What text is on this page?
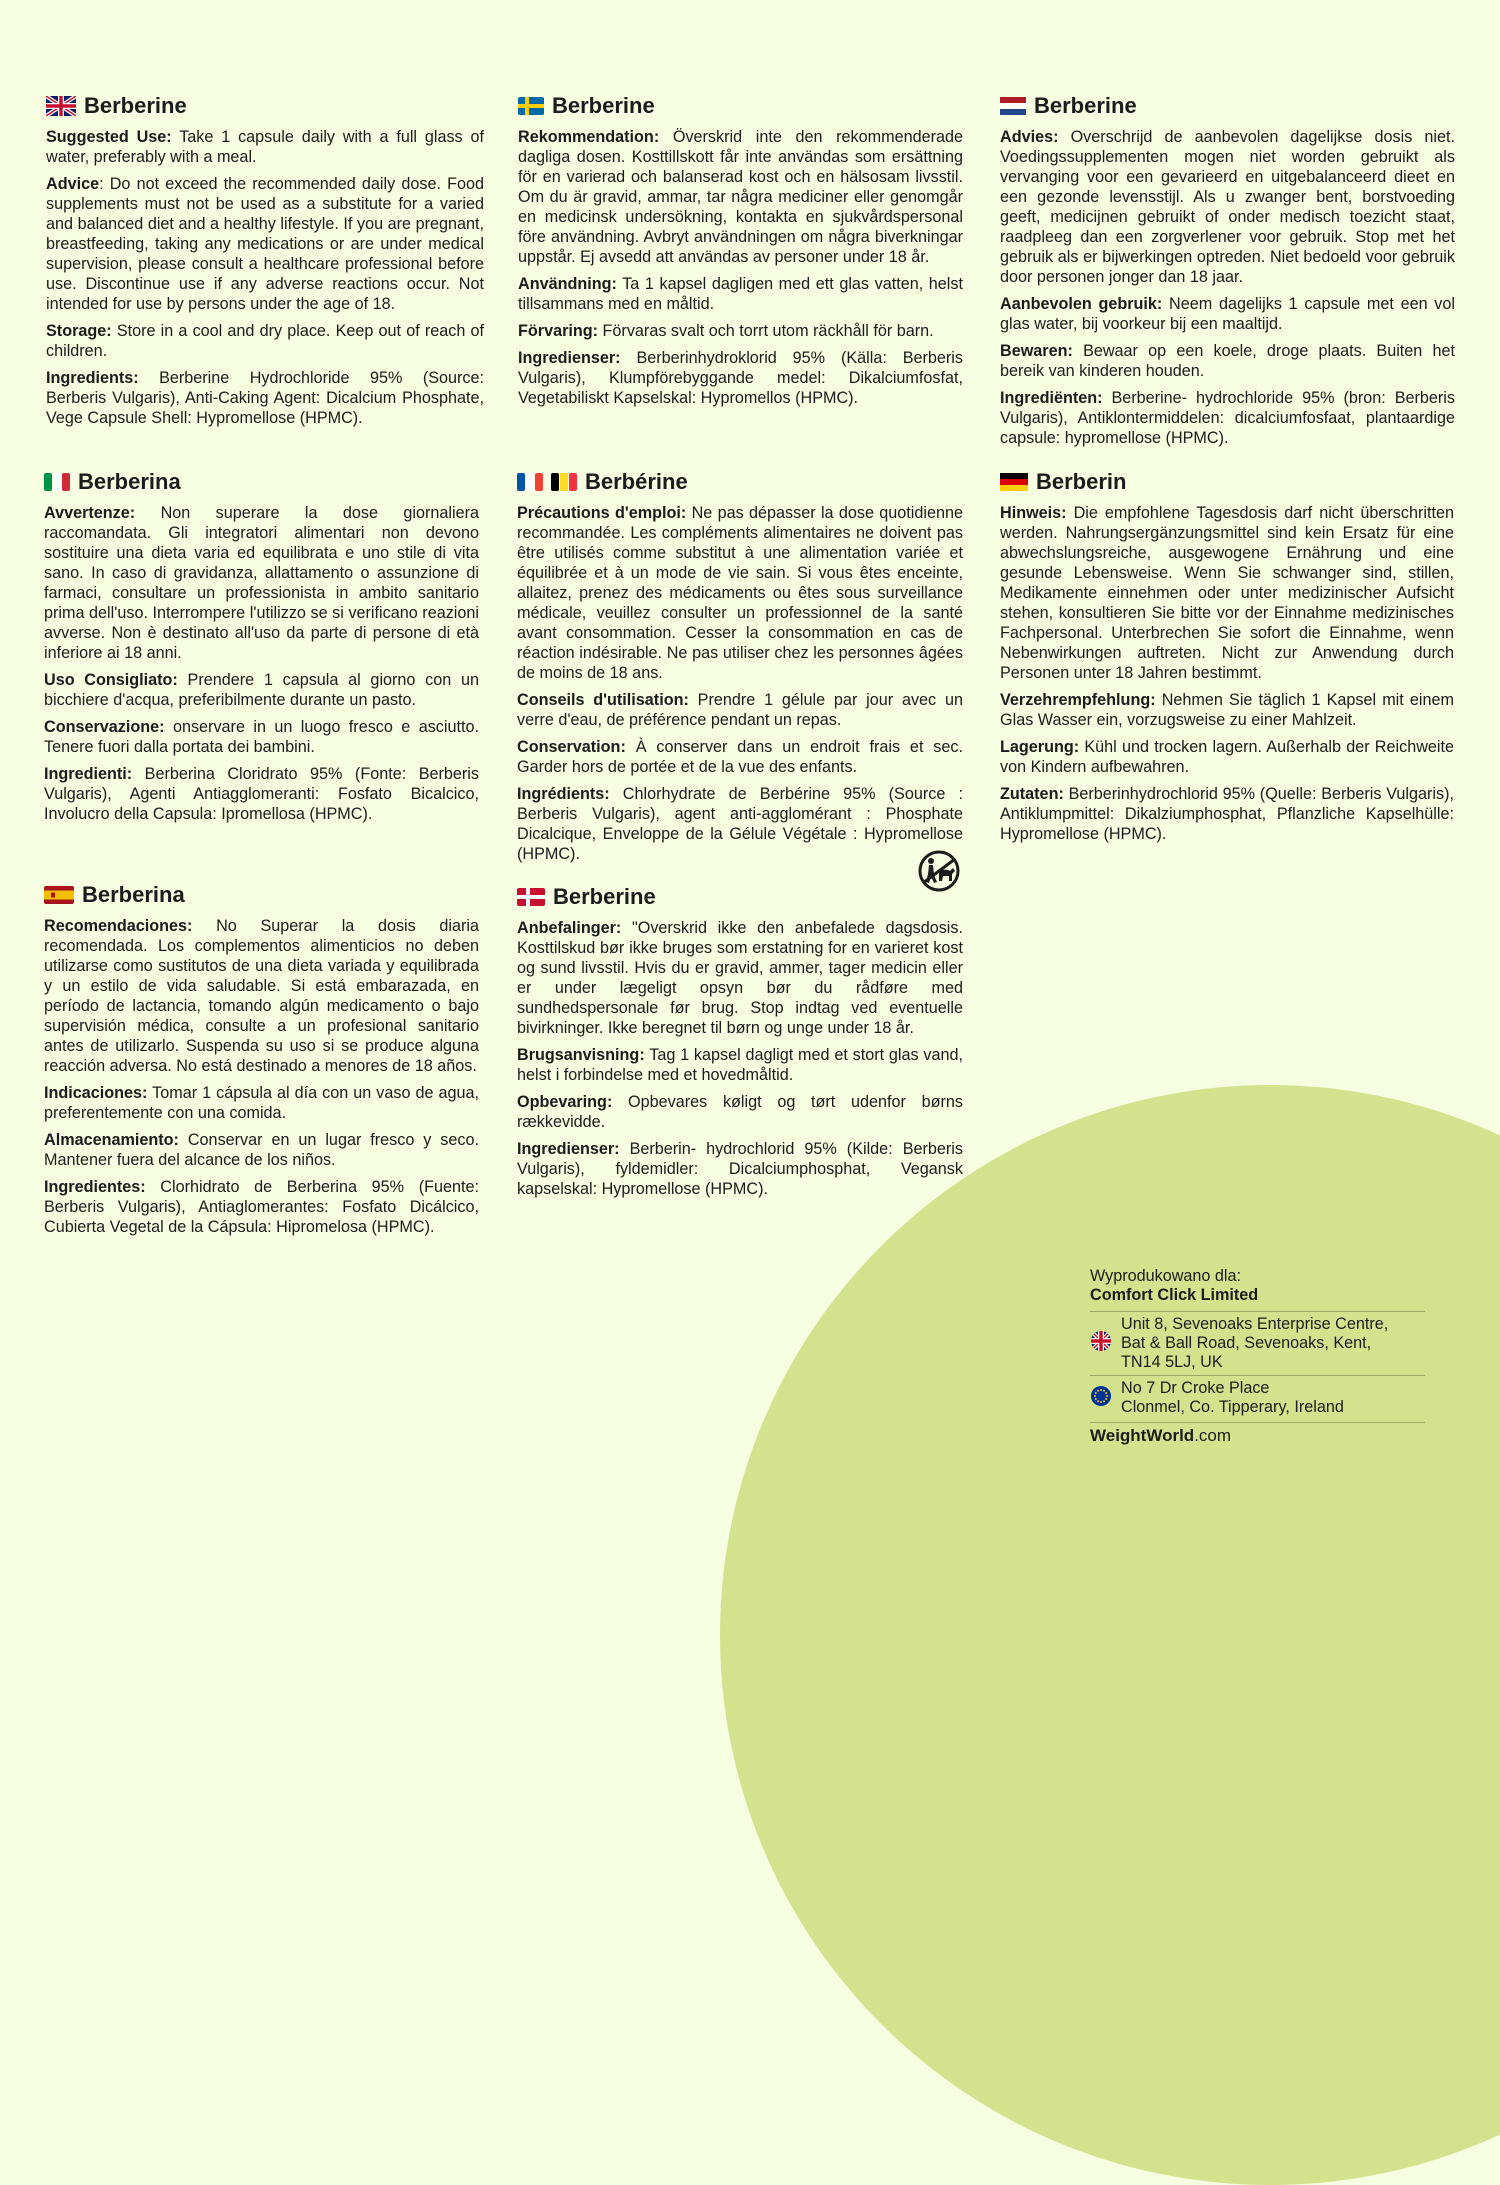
Berberine

Suggested Use: Take 1 capsule daily with a full glass of water, preferably with a meal.

Advice: Do not exceed the recommended daily dose. Food supplements must not be used as a substitute for a varied and balanced diet and a healthy lifestyle. If you are pregnant, breastfeeding, taking any medications or are under medical supervision, please consult a healthcare professional before use. Discontinue use if any adverse reactions occur. Not intended for use by persons under the age of 18.

Storage: Store in a cool and dry place. Keep out of reach of children.

Ingredients: Berberine Hydrochloride 95% (Source: Berberis Vulgaris), Anti-Caking Agent: Dicalcium Phosphate, Vege Capsule Shell: Hypromellose (HPMC).

Berberine

Rekommendation: Överskrid inte den rekommenderade dagliga dosen. Kosttillskott får inte användas som ersättning för en varierad och balanserad kost och en hälsosam livsstil. Om du är gravid, ammar, tar några mediciner eller genomgår en medicinsk undersökning, kontakta en sjukvårdspersonal före användning. Avbryt användningen om några biverkningar uppstår. Ej avsedd att användas av personer under 18 år.

Användning: Ta 1 kapsel dagligen med ett glas vatten, helst tillsammans med en måltid.

Förvaring: Förvaras svalt och torrt utom räckhåll för barn.

Ingredienser: Berberinhydroklorid 95% (Källa: Berberis Vulgaris), Klumpförebyggande medel: Dikalciumfosfat, Vegetabiliskt Kapselskal: Hypromellos (HPMC).

Berberine

Advies: Overschrijd de aanbevolen dagelijkse dosis niet. Voedingssupplementen mogen niet worden gebruikt als vervanging voor een gevarieerd en uitgebalanceerd dieet en een gezonde levensstijl. Als u zwanger bent, borstvoeding geeft, medicijnen gebruikt of onder medisch toezicht staat, raadpleeg dan een zorgverlener voor gebruik. Stop met het gebruik als er bijwerkingen optreden. Niet bedoeld voor gebruik door personen jonger dan 18 jaar.

Aanbevolen gebruik: Neem dagelijks 1 capsule met een vol glas water, bij voorkeur bij een maaltijd.

Bewaren: Bewaar op een koele, droge plaats. Buiten het bereik van kinderen houden.

Ingrediënten: Berberine- hydrochloride 95% (bron: Berberis Vulgaris), Antiklontermiddelen: dicalciumfosfaat, plantaardige capsule: hypromellose (HPMC).

Berberina

Avvertenze: Non superare la dose giornaliera raccomandata. Gli integratori alimentari non devono sostituire una dieta varia ed equilibrata e uno stile di vita sano. In caso di gravidanza, allattamento o assunzione di farmaci, consultare un professionista in ambito sanitario prima dell'uso. Interrompere l'utilizzo se si verificano reazioni avverse. Non è destinato all'uso da parte di persone di età inferiore ai 18 anni.

Uso Consigliato: Prendere 1 capsula al giorno con un bicchiere d'acqua, preferibilmente durante un pasto.

Conservazione: onservare in un luogo fresco e asciutto. Tenere fuori dalla portata dei bambini.

Ingredienti: Berberina Cloridrato 95% (Fonte: Berberis Vulgaris), Agenti Antiagglomeranti: Fosfato Bicalcico, Involucro della Capsula: Ipromellosa (HPMC).

Berbérine

Précautions d'emploi: Ne pas dépasser la dose quotidienne recommandée. Les compléments alimentaires ne doivent pas être utilisés comme substitut à une alimentation variée et équilibrée et à un mode de vie sain. Si vous êtes enceinte, allaitez, prenez des médicaments ou êtes sous surveillance médicale, veuillez consulter un professionnel de la santé avant consommation. Cesser la consommation en cas de réaction indésirable. Ne pas utiliser chez les personnes âgées de moins de 18 ans.

Conseils d'utilisation: Prendre 1 gélule par jour avec un verre d'eau, de préférence pendant un repas.

Conservation: À conserver dans un endroit frais et sec. Garder hors de portée et de la vue des enfants.

Ingrédients: Chlorhydrate de Berbérine 95% (Source : Berberis Vulgaris), agent anti-agglomérant : Phosphate Dicalcique, Enveloppe de la Gélule Végétale : Hypromellose (HPMC).

Berberin

Hinweis: Die empfohlene Tagesdosis darf nicht überschritten werden. Nahrungsergänzungsmittel sind kein Ersatz für eine abwechslungsreiche, ausgewogene Ernährung und eine gesunde Lebensweise. Wenn Sie schwanger sind, stillen, Medikamente einnehmen oder unter medizinischer Aufsicht stehen, konsultieren Sie bitte vor der Einnahme medizinisches Fachpersonal. Unterbrechen Sie sofort die Einnahme, wenn Nebenwirkungen auftreten. Nicht zur Anwendung durch Personen unter 18 Jahren bestimmt.

Verzehrempfehlung: Nehmen Sie täglich 1 Kapsel mit einem Glas Wasser ein, vorzugsweise zu einer Mahlzeit.

Lagerung: Kühl und trocken lagern. Außerhalb der Reichweite von Kindern aufbewahren.

Zutaten: Berberinhydrochlorid 95% (Quelle: Berberis Vulgaris), Antiklumpmittel: Dikalziumphosphat, Pflanzliche Kapselhülle: Hypromellose (HPMC).

Berberina

Recomendaciones: No Superar la dosis diaria recomendada. Los complementos alimenticios no deben utilizarse como sustitutos de una dieta variada y equilibrada y un estilo de vida saludable. Si está embarazada, en período de lactancia, tomando algún medicamento o bajo supervisión médica, consulte a un profesional sanitario antes de utilizarlo. Suspenda su uso si se produce alguna reacción adversa. No está destinado a menores de 18 años.

Indicaciones: Tomar 1 cápsula al día con un vaso de agua, preferentemente con una comida.

Almacenamiento: Conservar en un lugar fresco y seco. Mantener fuera del alcance de los niños.

Ingredientes: Clorhidrato de Berberina 95% (Fuente: Berberis Vulgaris), Antiaglomerantes: Fosfato Dicálcico, Cubierta Vegetal de la Cápsula: Hipromelosa (HPMC).

Berberine

Anbefalinger: "Overskrid ikke den anbefalede dagsdosis. Kosttilskud bør ikke bruges som erstatning for en varieret kost og sund livsstil. Hvis du er gravid, ammer, tager medicin eller er under lægeligt opsyn bør du rådføre med sundhedspersonale før brug. Stop indtag ved eventuelle bivirkninger. Ikke beregnet til børn og unge under 18 år.

Brugsanvisning: Tag 1 kapsel dagligt med et stort glas vand, helst i forbindelse med et hovedmåltid.

Opbevaring: Opbevares køligt og tørt udenfor børns rækkevidde.

Ingredienser: Berberin- hydrochlorid 95% (Kilde: Berberis Vulgaris), fyldemidler: Dicalciumphosphat, Vegansk kapselskal: Hypromellose (HPMC).

Wyprodukowano dla:

Comfort Click Limited

Unit 8, Sevenoaks Enterprise Centre,
Bat & Ball Road, Sevenoaks, Kent,
TN14 5LJ, UK
No 7 Dr Croke Place
Clonmel, Co. Tipperary, Ireland
WeightWorld.com
